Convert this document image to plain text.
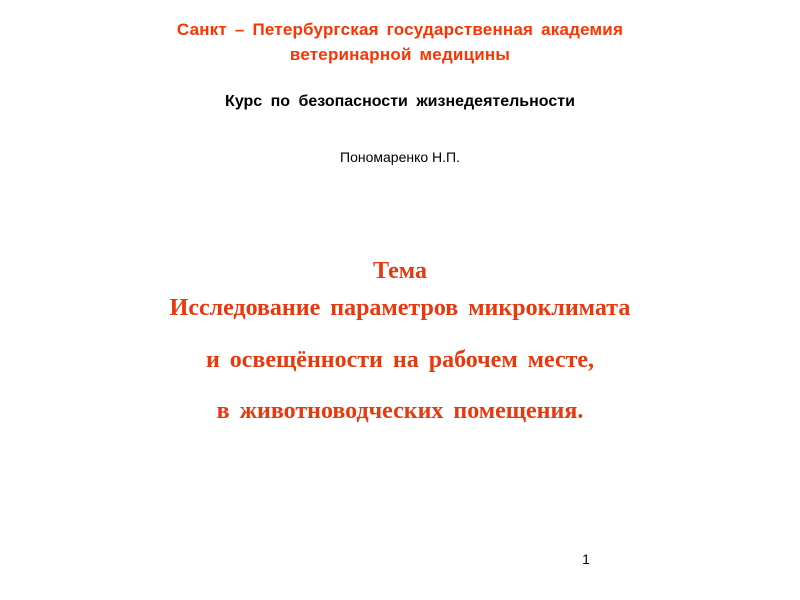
Санкт – Петербургская государственная академия
ветеринарной медицины
Курс по безопасности жизнедеятельности
Пономаренко Н.П.
Тема
Исследование параметров микроклимата
и освещённости на рабочем месте,
в животноводческих помещения.
1
